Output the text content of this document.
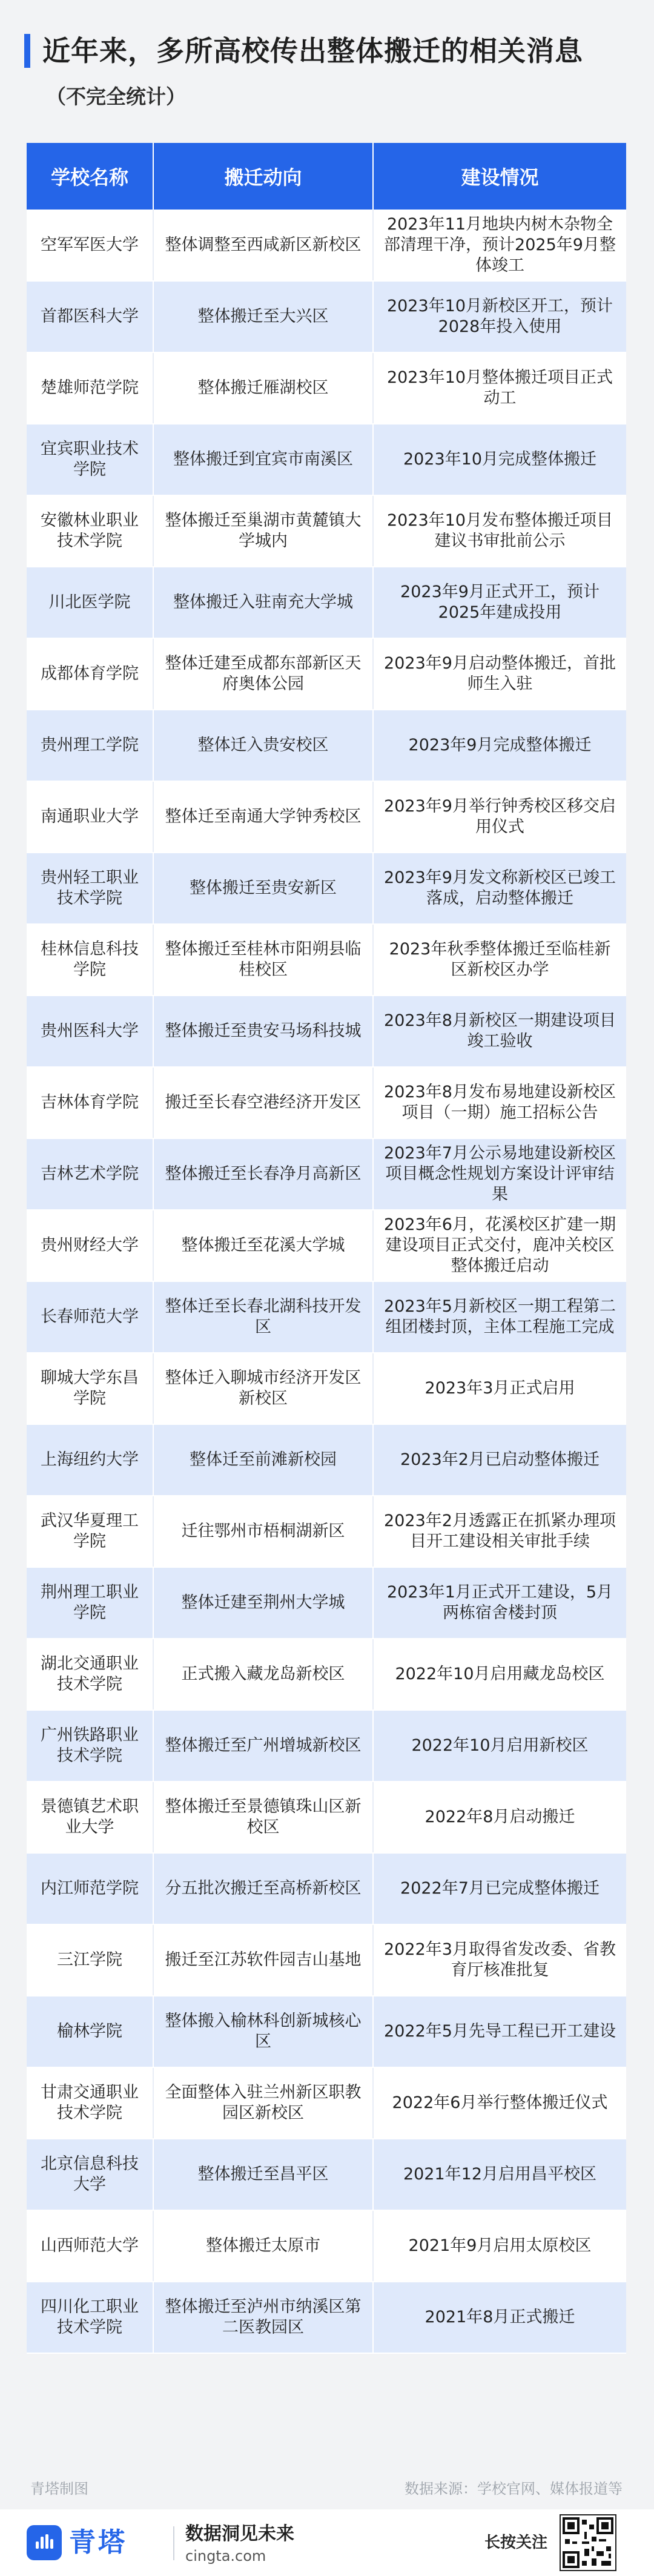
近年来，多所高校传出整体搬迁的相关消息
（不完全统计）
学校名称	搬迁动向	建设情况
空军军医大学	整体调整至西咸新区新校区	2023年11月地块内树木杂物全部清理干净，预计2025年9月整体竣工
首都医科大学	整体搬迁至大兴区	2023年10月新校区开工，预计2028年投入使用
楚雄师范学院	整体搬迁雁湖校区	2023年10月整体搬迁项目正式动工
宜宾职业技术学院	整体搬迁到宜宾市南溪区	2023年10月完成整体搬迁
安徽林业职业技术学院	整体搬迁至巢湖市黄麓镇大学城内	2023年10月发布整体搬迁项目建议书审批前公示
川北医学院	整体搬迁入驻南充大学城	2023年9月正式开工，预计2025年建成投用
成都体育学院	整体迁建至成都东部新区天府奥体公园	2023年9月启动整体搬迁，首批师生入驻
贵州理工学院	整体迁入贵安校区	2023年9月完成整体搬迁
南通职业大学	整体迁至南通大学钟秀校区	2023年9月举行钟秀校区移交启用仪式
贵州轻工职业技术学院	整体搬迁至贵安新区	2023年9月发文称新校区已竣工落成，启动整体搬迁
桂林信息科技学院	整体搬迁至桂林市阳朔县临桂校区	2023年秋季整体搬迁至临桂新区新校区办学
贵州医科大学	整体搬迁至贵安马场科技城	2023年8月新校区一期建设项目竣工验收
吉林体育学院	搬迁至长春空港经济开发区	2023年8月发布易地建设新校区项目（一期）施工招标公告
吉林艺术学院	整体搬迁至长春净月高新区	2023年7月公示易地建设新校区项目概念性规划方案设计评审结果
贵州财经大学	整体搬迁至花溪大学城	2023年6月，花溪校区扩建一期建设项目正式交付，鹿冲关校区整体搬迁启动
长春师范大学	整体迁至长春北湖科技开发区	2023年5月新校区一期工程第二组团楼封顶，主体工程施工完成
聊城大学东昌学院	整体迁入聊城市经济开发区新校区	2023年3月正式启用
上海纽约大学	整体迁至前滩新校园	2023年2月已启动整体搬迁
武汉华夏理工学院	迁往鄂州市梧桐湖新区	2023年2月透露正在抓紧办理项目开工建设相关审批手续
荆州理工职业学院	整体迁建至荆州大学城	2023年1月正式开工建设，5月两栋宿舍楼封顶
湖北交通职业技术学院	正式搬入藏龙岛新校区	2022年10月启用藏龙岛校区
广州铁路职业技术学院	整体搬迁至广州增城新校区	2022年10月启用新校区
景德镇艺术职业大学	整体搬迁至景德镇珠山区新校区	2022年8月启动搬迁
内江师范学院	分五批次搬迁至高桥新校区	2022年7月已完成整体搬迁
三江学院	搬迁至江苏软件园吉山基地	2022年3月取得省发改委、省教育厅核准批复
榆林学院	整体搬入榆林科创新城核心区	2022年5月先导工程已开工建设
甘肃交通职业技术学院	全面整体入驻兰州新区职教园区新校区	2022年6月举行整体搬迁仪式
北京信息科技大学	整体搬迁至昌平区	2021年12月启用昌平校区
山西师范大学	整体搬迁太原市	2021年9月启用太原校区
四川化工职业技术学院	整体搬迁至泸州市纳溪区第二医教园区	2021年8月正式搬迁
青塔制图	数据来源：学校官网、媒体报道等
青塔	数据洞见未来
cingta.com
长按关注
